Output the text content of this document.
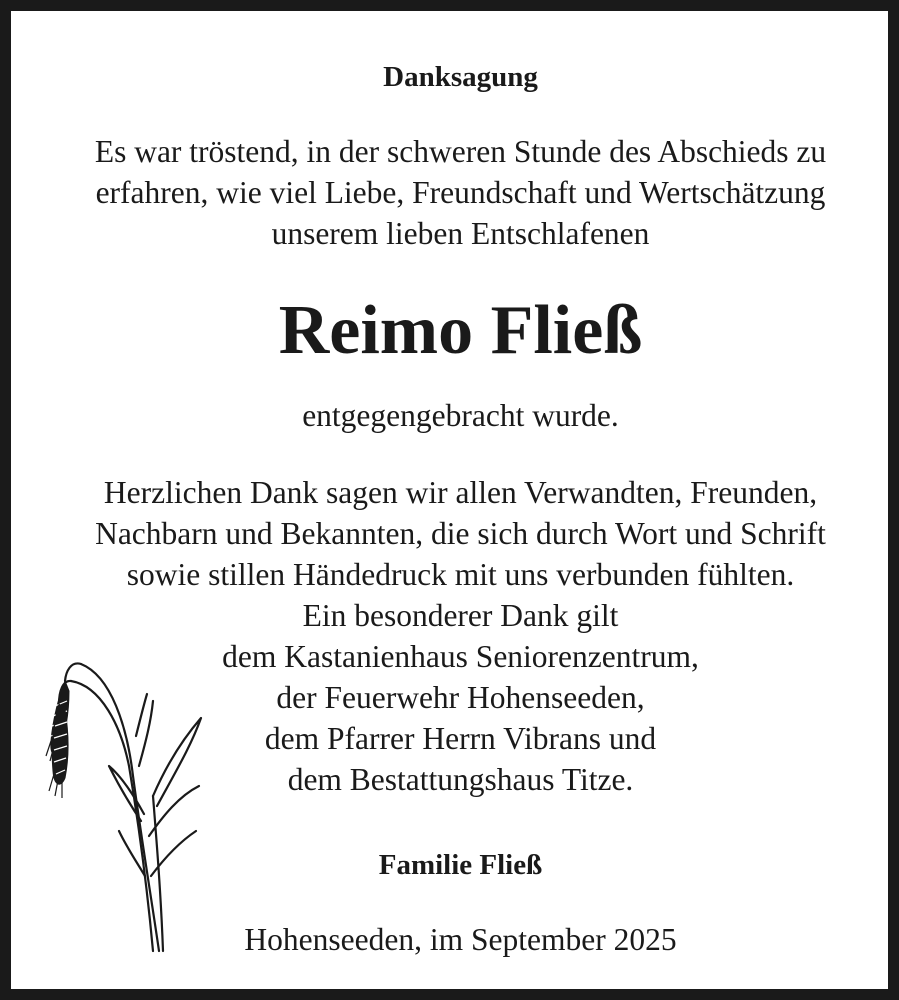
Danksagung
Es war tröstend, in der schweren Stunde des Abschieds zu
erfahren, wie viel Liebe, Freundschaft und Wertschätzung
unserem lieben Entschlafenen
Reimo Fließ
entgegengebracht wurde.
Herzlichen Dank sagen wir allen Verwandten, Freunden,
Nachbarn und Bekannten, die sich durch Wort und Schrift
sowie stillen Händedruck mit uns verbunden fühlten.
Ein besonderer Dank gilt
dem Kastanienhaus Seniorenzentrum,
der Feuerwehr Hohenseeden,
dem Pfarrer Herrn Vibrans und
dem Bestattungshaus Titze.
Familie Fließ
Hohenseeden, im September 2025
